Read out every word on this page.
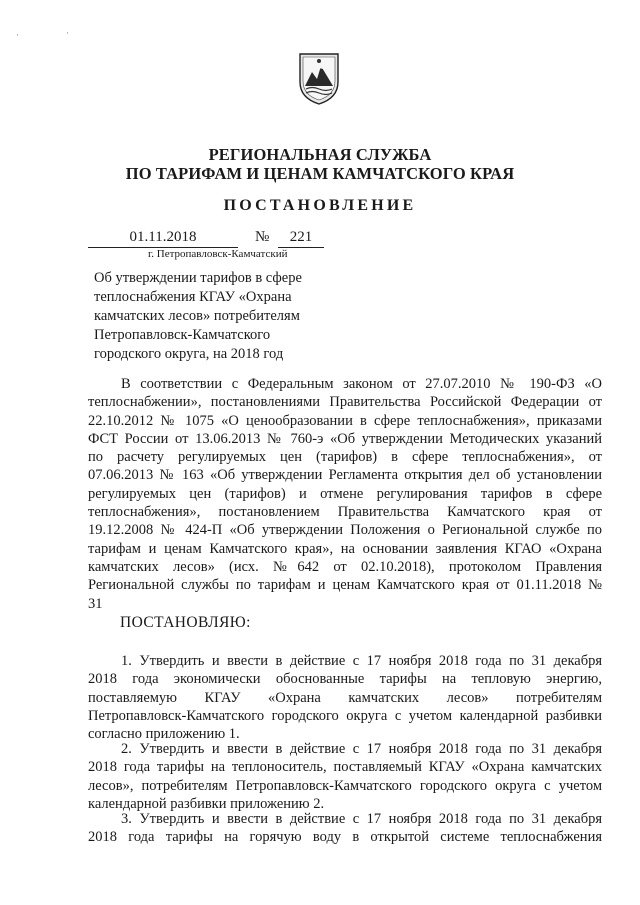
·	·
РЕГИОНАЛЬНАЯ СЛУЖБА
ПО ТАРИФАМ И ЦЕНАМ КАМЧАТСКОГО КРАЯ
ПОСТАНОВЛЕНИЕ
01.11.2018	№	221
г. Петропавловск-Камчатский
Об утверждении тарифов в сфере
теплоснабжения КГАУ «Охрана
камчатских лесов» потребителям
Петропавловск-Камчатского
городского округа, на 2018 год
В соответствии с Федеральным законом от 27.07.2010 № 190-ФЗ «О
теплоснабжении», постановлениями Правительства Российской Федерации от
22.10.2012 № 1075 «О ценообразовании в сфере теплоснабжения», приказами
ФСТ России от 13.06.2013 № 760-э «Об утверждении Методических указаний
по расчету регулируемых цен (тарифов) в сфере теплоснабжения», от
07.06.2013 № 163 «Об утверждении Регламента открытия дел об установлении
регулируемых цен (тарифов) и отмене регулирования тарифов в сфере
теплоснабжения», постановлением Правительства Камчатского края от
19.12.2008 № 424-П «Об утверждении Положения о Региональной службе по
тарифам и ценам Камчатского края», на основании заявления КГАО «Охрана
камчатских лесов» (исх. №642 от 02.10.2018), протоколом Правления
Региональной службы по тарифам и ценам Камчатского края от 01.11.2018 №
31
ПОСТАНОВЛЯЮ:
1. Утвердить и ввести в действие с 17 ноября 2018 года по 31 декабря
2018 года экономически обоснованные тарифы на тепловую энергию,
поставляемую КГАУ «Охрана камчатских лесов» потребителям
Петропавловск-Камчатского городского округа с учетом календарной разбивки
согласно приложению 1.
2. Утвердить и ввести в действие с 17 ноября 2018 года по 31 декабря
2018 года тарифы на теплоноситель, поставляемый КГАУ «Охрана камчатских
лесов», потребителям Петропавловск-Камчатского городского округа с учетом
календарной разбивки приложению 2.
3. Утвердить и ввести в действие с 17 ноября 2018 года по 31 декабря
2018 года тарифы на горячую воду в открытой системе теплоснабжения
